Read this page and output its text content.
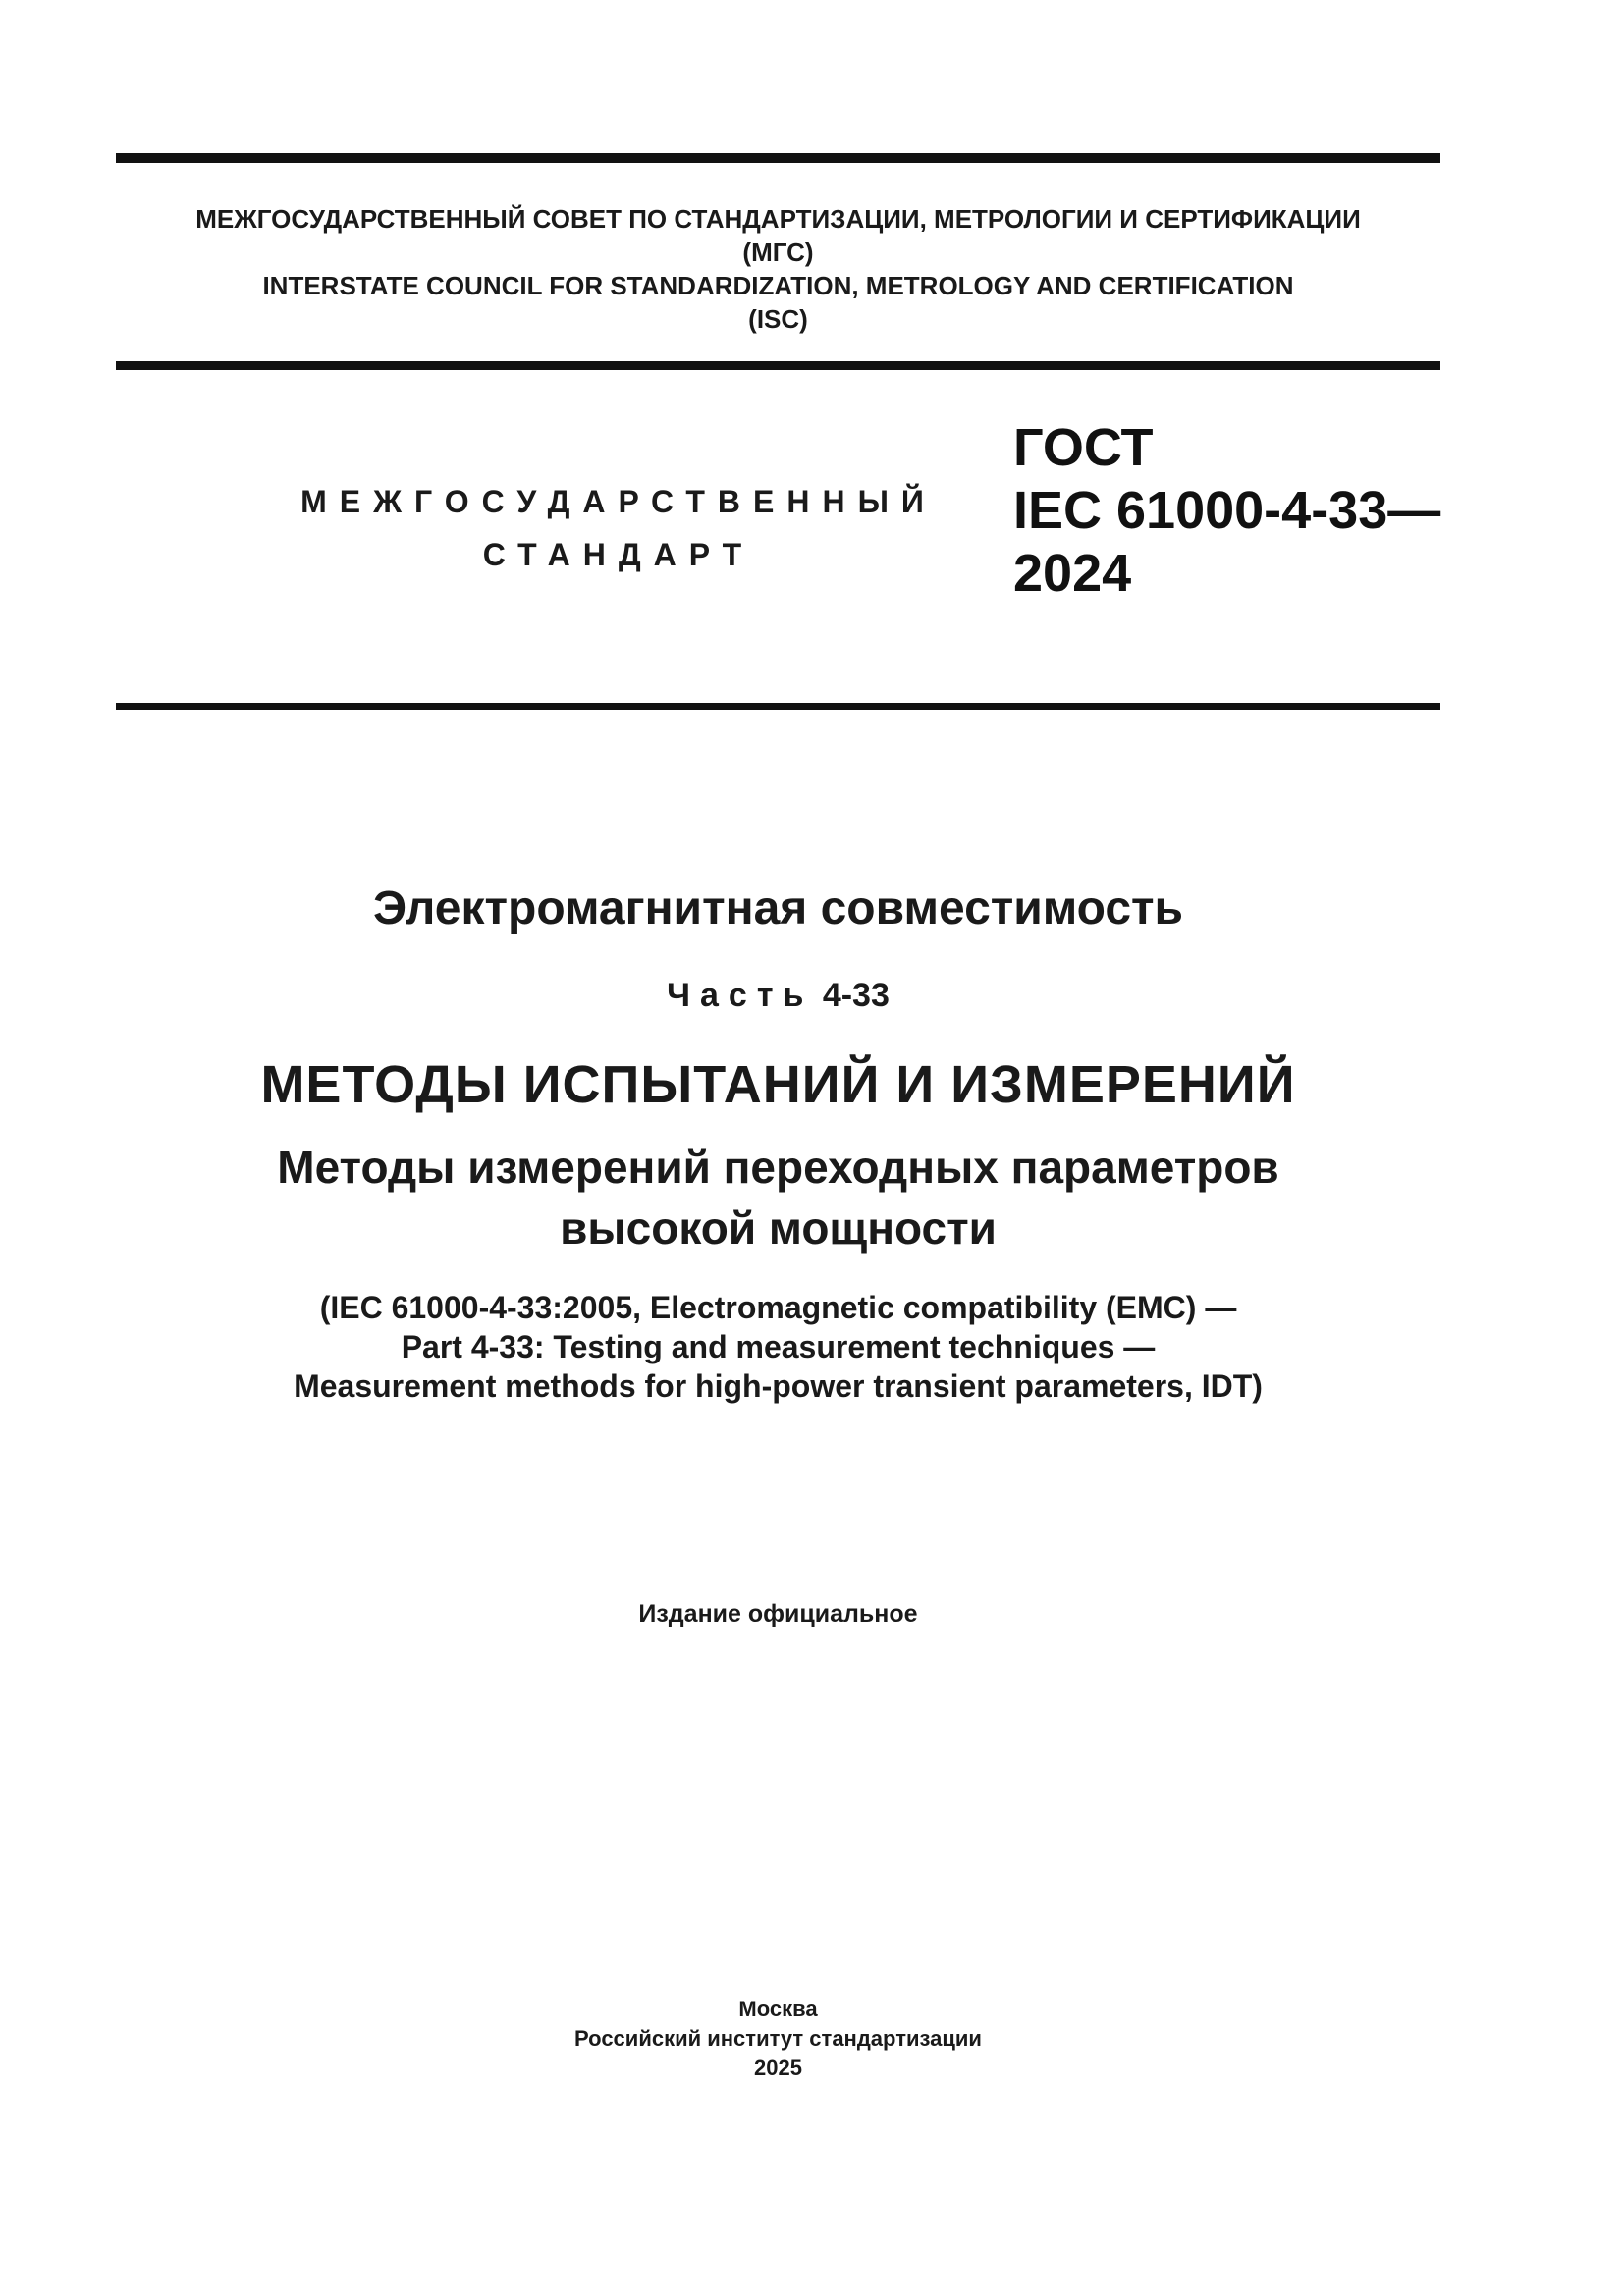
МЕЖГОСУДАРСТВЕННЫЙ СОВЕТ ПО СТАНДАРТИЗАЦИИ, МЕТРОЛОГИИ И СЕРТИФИКАЦИИ
(МГС)
INTERSTATE COUNCIL FOR STANDARDIZATION, METROLOGY AND CERTIFICATION
(ISC)
МЕЖГОСУДАРСТВЕННЫЙ
СТАНДАРТ
ГОСТ
IEC 61000-4-33—
2024
Электромагнитная совместимость
Часть 4-33
МЕТОДЫ ИСПЫТАНИЙ И ИЗМЕРЕНИЙ
Методы измерений переходных параметров
высокой мощности
(IEC 61000-4-33:2005, Electromagnetic compatibility (EMC) —
Part 4-33: Testing and measurement techniques —
Measurement methods for high-power transient parameters, IDT)
Издание официальное
Москва
Российский институт стандартизации
2025
